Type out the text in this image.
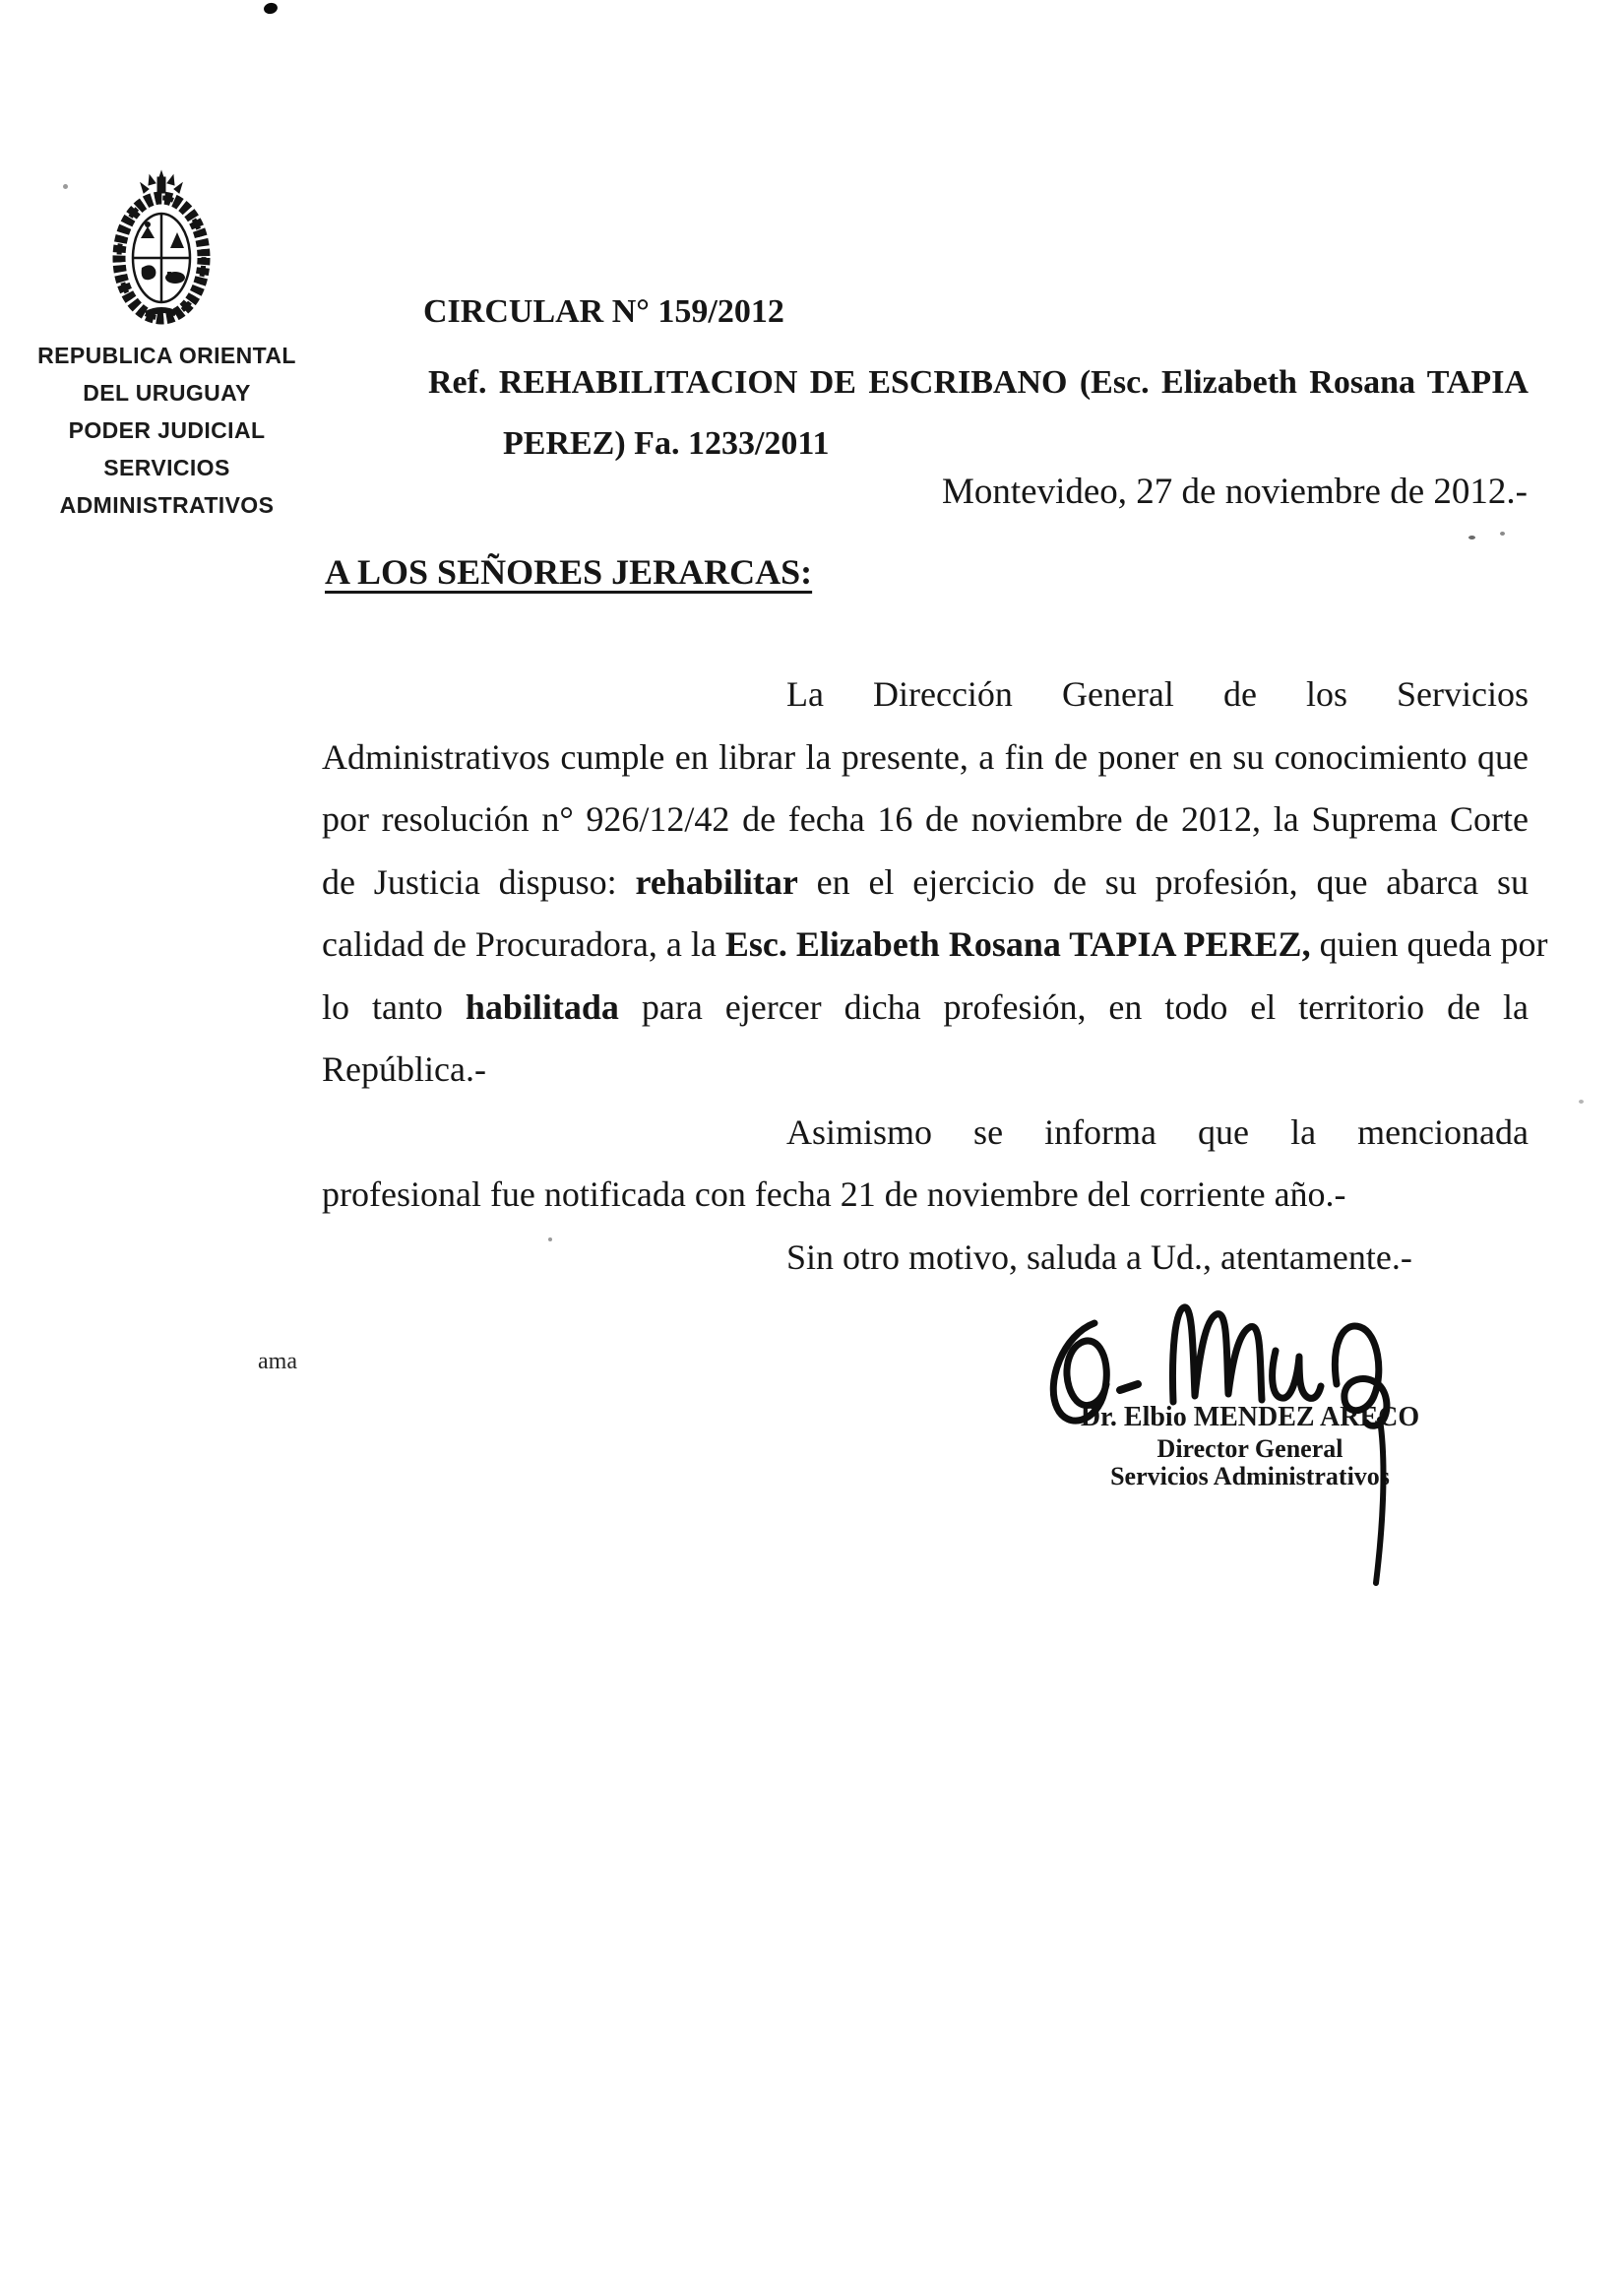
REPUBLICA ORIENTAL
DEL URUGUAY
PODER JUDICIAL
SERVICIOS
ADMINISTRATIVOS
CIRCULAR N° 159/2012
Ref. REHABILITACION DE ESCRIBANO (Esc. Elizabeth Rosana TAPIA
PEREZ) Fa. 1233/2011
Montevideo, 27 de noviembre de 2012.-
A LOS SEÑORES JERARCAS:
La Dirección General de los Servicios
Administrativos cumple en librar la presente, a fin de poner en su conocimiento que
por resolución n° 926/12/42 de fecha 16 de noviembre de 2012, la Suprema Corte
de Justicia dispuso: rehabilitar en el ejercicio de su profesión, que abarca su
calidad de Procuradora, a la Esc. Elizabeth Rosana TAPIA PEREZ, quien queda por
lo tanto habilitada para ejercer dicha profesión, en todo el territorio de la
República.-
Asimismo se informa que la mencionada
profesional fue notificada con fecha 21 de noviembre del corriente año.-
Sin otro motivo, saluda a Ud., atentamente.-
ama
Dr. Elbio MENDEZ ARECO
Director General
Servicios Administrativos
